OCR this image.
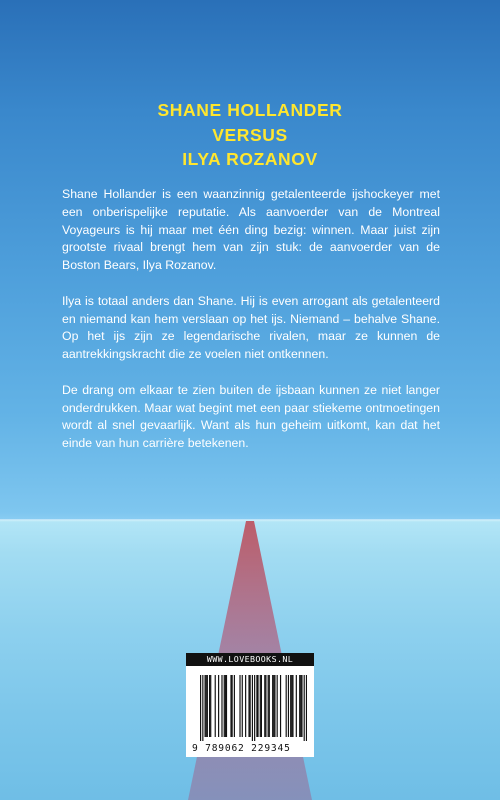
SHANE HOLLANDER
VERSUS
ILYA ROZANOV

Shane Hollander is een waanzinnig getalenteerde ijshockeyer met een onberispelijke reputatie. Als aanvoerder van de Montreal Voyageurs is hij maar met één ding bezig: winnen. Maar juist zijn grootste rivaal brengt hem van zijn stuk: de aanvoerder van de Boston Bears, Ilya Rozanov.

Ilya is totaal anders dan Shane. Hij is even arrogant als getalenteerd en niemand kan hem verslaan op het ijs. Niemand – behalve Shane. Op het ijs zijn ze legendarische rivalen, maar ze kunnen de aantrekkingskracht die ze voelen niet ontkennen.

De drang om elkaar te zien buiten de ijsbaan kunnen ze niet langer onderdrukken. Maar wat begint met een paar stiekeme ontmoetingen wordt al snel gevaarlijk. Want als hun geheim uitkomt, kan dat het einde van hun carrière betekenen.

WWW.LOVEBOOKS.NL
9 789062 229345
